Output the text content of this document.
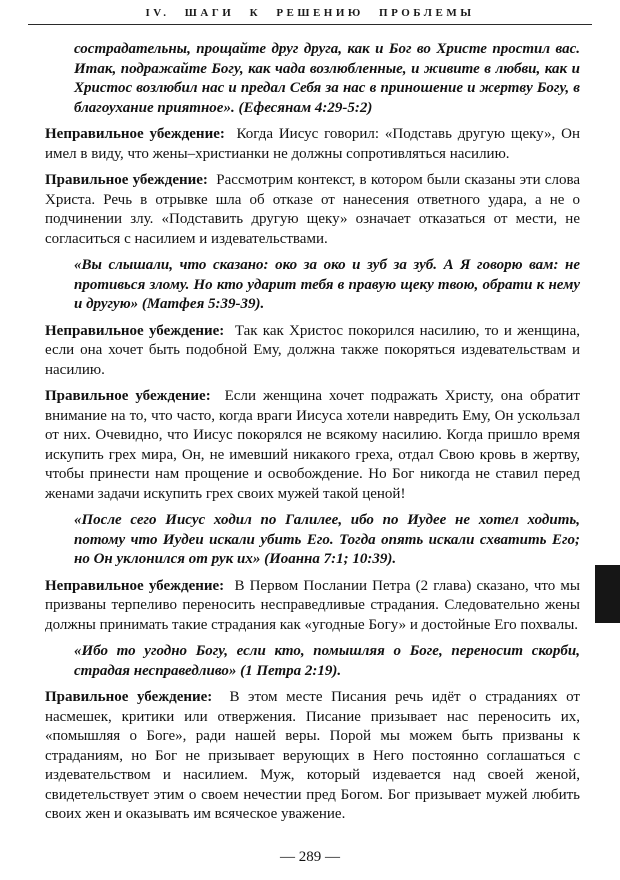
IV. ШАГИ К РЕШЕНИЮ ПРОБЛЕМЫ

сострадательны, прощайте друг друга, как и Бог во Христе простил вас. Итак, подражайте Богу, как чада возлюбленные, и живите в любви, как и Христос возлюбил нас и предал Себя за нас в приношение и жертву Богу, в благоухание приятное». (Ефесянам 4:29-5:2)

Неправильное убеждение:  Когда Иисус говорил: «Подставь другую щеку», Он имел в виду, что жены–христианки не должны сопротивляться насилию.

Правильное убеждение:  Рассмотрим контекст, в котором были сказаны эти слова Христа. Речь в отрывке шла об отказе от нанесения ответного удара, а не о подчинении злу. «Подставить другую щеку» означает отказаться от мести, не согласиться с насилием и издевательствами.

«Вы слышали, что сказано: око за око и зуб за зуб. А Я говорю вам: не противься злому. Но кто ударит тебя в правую щеку твою, обрати к нему и другую» (Матфея 5:39-39).

Неправильное убеждение:  Так как Христос покорился насилию, то и женщина, если она хочет быть подобной Ему, должна также покоряться издевательствам и насилию.

Правильное убеждение:  Если женщина хочет подражать Христу, она обратит внимание на то, что часто, когда враги Иисуса хотели навредить Ему, Он ускользал от них. Очевидно, что Иисус покорялся не всякому насилию. Когда пришло время искупить грех мира, Он, не имевший никакого греха, отдал Свою кровь в жертву, чтобы принести нам прощение и освобождение. Но Бог никогда не ставил перед женами задачи искупить грех своих мужей такой ценой!

«После сего Иисус ходил по Галилее, ибо по Иудее не хотел ходить, потому что Иудеи искали убить Его. Тогда опять искали схватить Его; но Он уклонился от рук их» (Иоанна 7:1; 10:39).

Неправильное убеждение:  В Первом Послании Петра (2 глава) сказано, что мы призваны терпеливо переносить несправедливые страдания. Следовательно жены должны принимать такие страдания как «угодные Богу» и достойные Его похвалы.

«Ибо то угодно Богу, если кто, помышляя о Боге, переносит скорби, страдая несправедливо» (1 Петра 2:19).

Правильное убеждение:  В этом месте Писания речь идёт о страданиях от насмешек, критики или отвержения. Писание призывает нас переносить их, «помышляя о Боге», ради нашей веры. Порой мы можем быть призваны к страданиям, но Бог не призывает верующих в Него постоянно соглашаться с издевательством и насилием. Муж, который издевается над своей женой, свидетельствует этим о своем нечестии пред Богом. Бог призывает мужей любить своих жен и оказывать им всяческое уважение.

— 289 —
